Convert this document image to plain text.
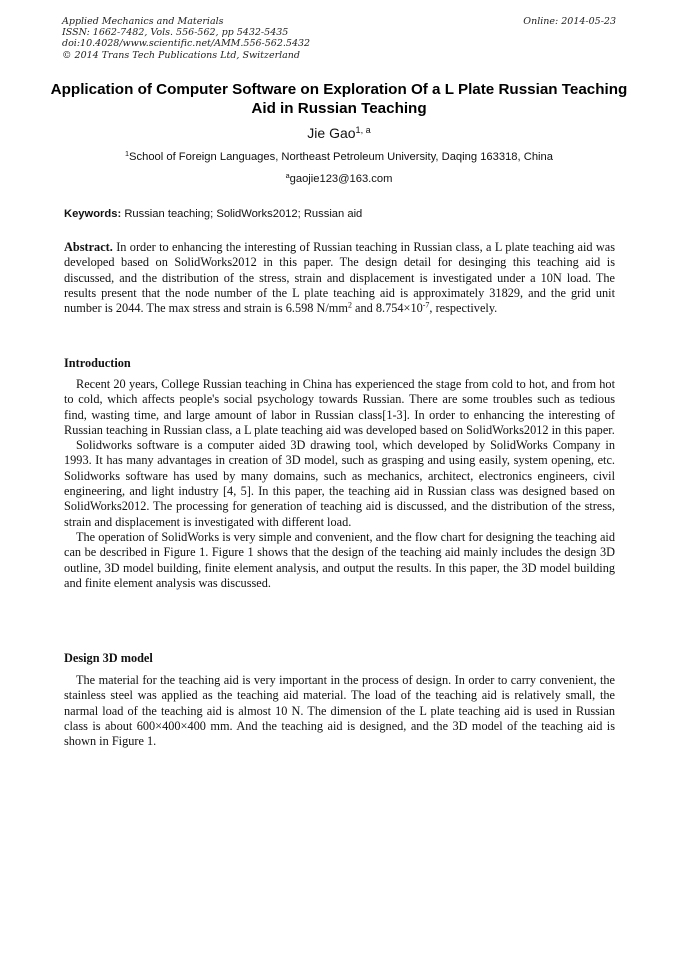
Applied Mechanics and Materials
ISSN: 1662-7482, Vols. 556-562, pp 5432-5435
doi:10.4028/www.scientific.net/AMM.556-562.5432
© 2014 Trans Tech Publications Ltd, Switzerland
Online: 2014-05-23
Application of Computer Software on Exploration Of a L Plate Russian Teaching Aid in Russian Teaching
Jie Gao$^{1, a}$
$^1$School of Foreign Languages, Northeast Petroleum University, Daqing 163318, China
$^a$gaojie123@163.com
Keywords: Russian teaching; SolidWorks2012; Russian aid
Abstract. In order to enhancing the interesting of Russian teaching in Russian class, a L plate teaching aid was developed based on SolidWorks2012 in this paper. The design detail for desinging this teaching aid is discussed, and the distribution of the stress, strain and displacement is investigated under a 10N load. The results present that the node number of the L plate teaching aid is approximately 31829, and the grid unit number is 2044. The max stress and strain is 6.598 $N/mm^2$ and $8.754\times 10^{-7}$, respectively.
Introduction

Recent 20 years, College Russian teaching in China has experienced the stage from cold to hot, and from hot to cold, which affects people's social psychology towards Russian. There are some troubles such as tedious find, wasting time, and large amount of labor in Russian class[1-3]. In order to enhancing the interesting of Russian teaching in Russian class, a L plate teaching aid was developed based on SolidWorks2012 in this paper.

Solidworks software is a computer aided 3D drawing tool, which developed by SolidWorks Company in 1993. It has many advantages in creation of 3D model, such as grasping and using easily, system opening, etc. Solidworks software has used by many domains, such as mechanics, architect, electronics engineers, civil engineering, and light industry [4, 5]. In this paper, the teaching aid in Russian class was designed based on SolidWorks2012. The processing for generation of teaching aid is discussed, and the distribution of the stress, strain and displacement is investigated with different load.

The operation of SolidWorks is very simple and convenient, and the flow chart for designing the teaching aid can be described in Figure 1. Figure 1 shows that the design of the teaching aid mainly includes the design 3D outline, 3D model building, finite element analysis, and output the results. In this paper, the 3D model building and finite element analysis was discussed.

Design 3D model

The material for the teaching aid is very important in the process of design. In order to carry convenient, the stainless steel was applied as the teaching aid material. The load of the teaching aid is relatively small, the narmal load of the teaching aid is almost 10 N. The dimension of the L plate teaching aid is used in Russian class is about 600×400×400 mm. And the teaching aid is designed, and the 3D model of the teaching aid is shown in Figure 1.
